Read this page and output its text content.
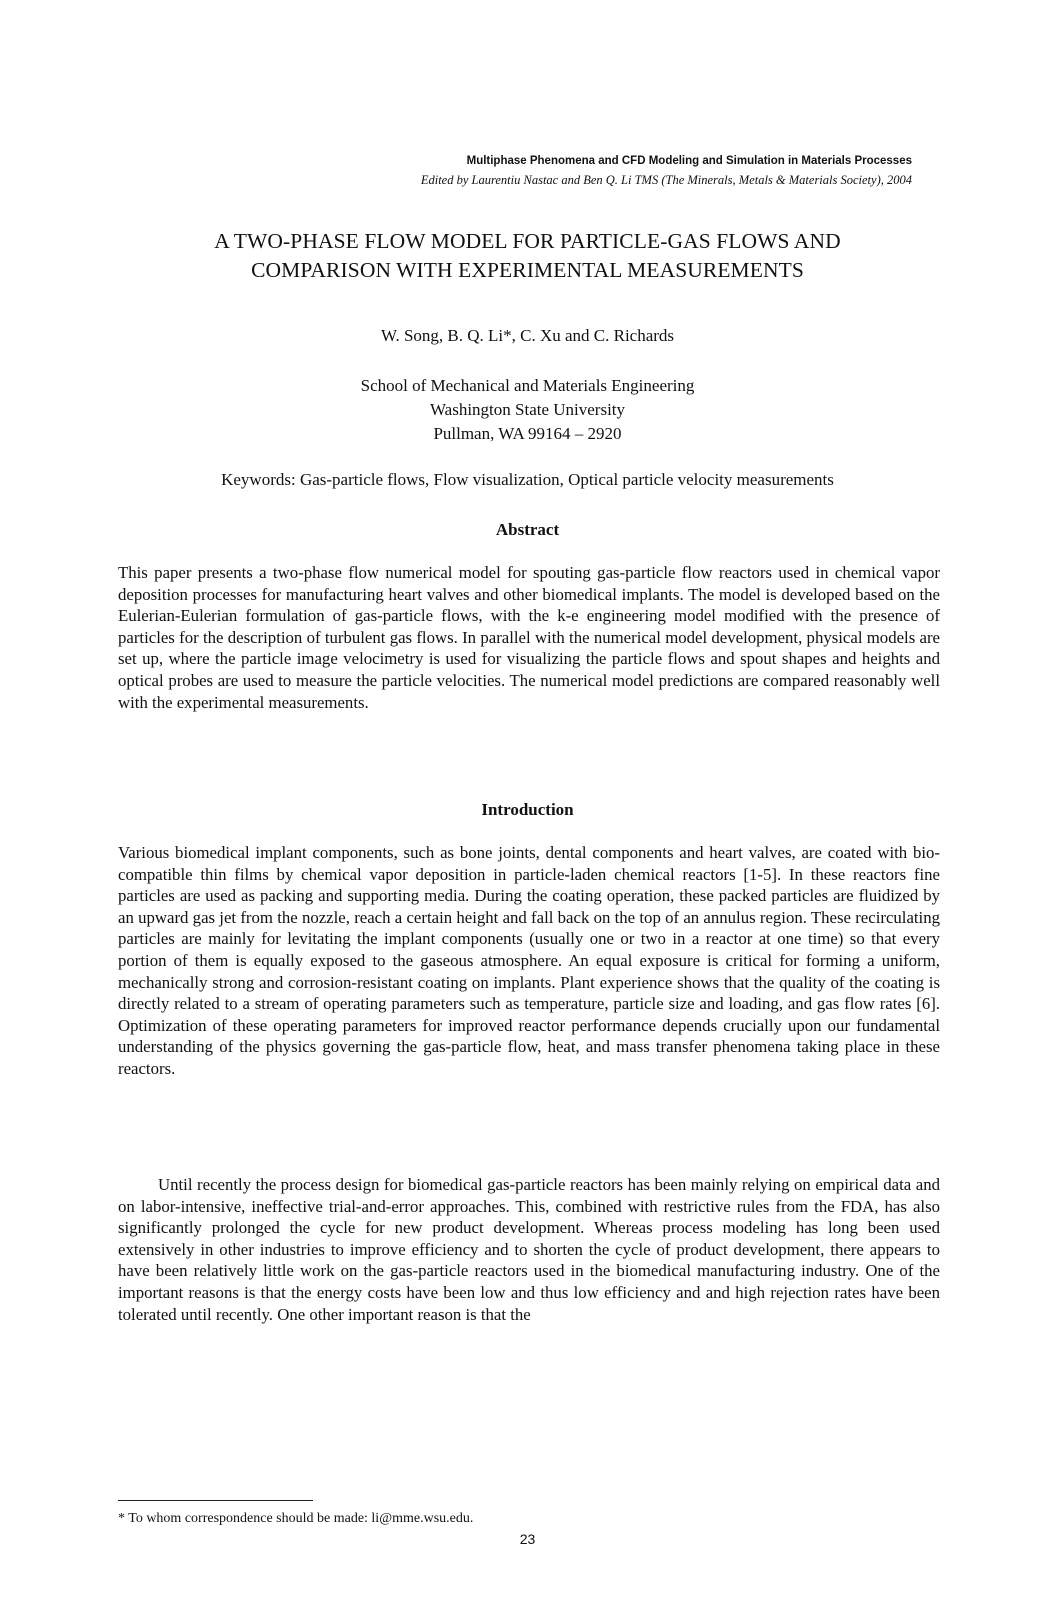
Multiphase Phenomena and CFD Modeling and Simulation in Materials Processes
Edited by Laurentiu Nastac and Ben Q. Li TMS (The Minerals, Metals & Materials Society), 2004
A TWO-PHASE FLOW MODEL FOR PARTICLE-GAS FLOWS AND
COMPARISON WITH EXPERIMENTAL MEASUREMENTS
W. Song, B. Q. Li*, C. Xu and C. Richards
School of Mechanical and Materials Engineering
Washington State University
Pullman, WA 99164 – 2920
Keywords: Gas-particle flows, Flow visualization, Optical particle velocity measurements
Abstract

This paper presents a two-phase flow numerical model for spouting gas-particle flow reactors used in chemical vapor deposition processes for manufacturing heart valves and other biomedical implants. The model is developed based on the Eulerian-Eulerian formulation of gas-particle flows, with the k-e engineering model modified with the presence of particles for the description of turbulent gas flows. In parallel with the numerical model development, physical models are set up, where the particle image velocimetry is used for visualizing the particle flows and spout shapes and heights and optical probes are used to measure the particle velocities. The numerical model predictions are compared reasonably well with the experimental measurements.

Introduction

Various biomedical implant components, such as bone joints, dental components and heart valves, are coated with bio-compatible thin films by chemical vapor deposition in particle-laden chemical reactors [1-5]. In these reactors fine particles are used as packing and supporting media. During the coating operation, these packed particles are fluidized by an upward gas jet from the nozzle, reach a certain height and fall back on the top of an annulus region. These recirculating particles are mainly for levitating the implant components (usually one or two in a reactor at one time) so that every portion of them is equally exposed to the gaseous atmosphere. An equal exposure is critical for forming a uniform, mechanically strong and corrosion-resistant coating on implants. Plant experience shows that the quality of the coating is directly related to a stream of operating parameters such as temperature, particle size and loading, and gas flow rates [6]. Optimization of these operating parameters for improved reactor performance depends crucially upon our fundamental understanding of the physics governing the gas-particle flow, heat, and mass transfer phenomena taking place in these reactors.

Until recently the process design for biomedical gas-particle reactors has been mainly relying on empirical data and on labor-intensive, ineffective trial-and-error approaches. This, combined with restrictive rules from the FDA, has also significantly prolonged the cycle for new product development. Whereas process modeling has long been used extensively in other industries to improve efficiency and to shorten the cycle of product development, there appears to have been relatively little work on the gas-particle reactors used in the biomedical manufacturing industry. One of the important reasons is that the energy costs have been low and thus low efficiency and and high rejection rates have been tolerated until recently. One other important reason is that the

* To whom correspondence should be made: li@mme.wsu.edu.
23
